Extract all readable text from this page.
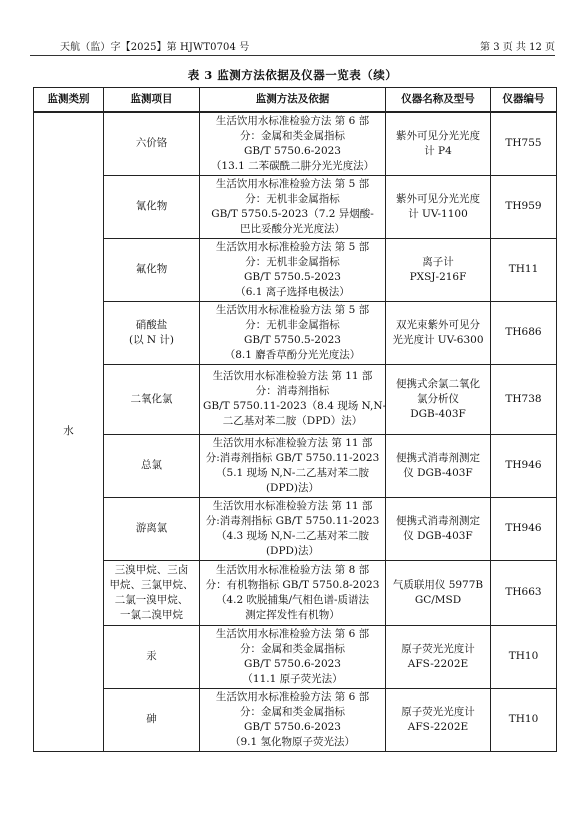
天航（监）字【2025】第 HJWT0704 号	第 3 页 共 12 页
表 3 监测方法依据及仪器一览表（续）
监测类别	监测项目	监测方法及依据	仪器名称及型号	仪器编号
水	六价铬	生活饮用水标准检验方法 第 6 部
分：金属和类金属指标
GB/T 5750.6-2023
（13.1 二苯碳酰二肼分光光度法）	紫外可见分光光度
计 P4	TH755

	氰化物	生活饮用水标准检验方法 第 5 部
分：无机非金属指标
GB/T 5750.5-2023（7.2 异烟酸-
巴比妥酸分光光度法）	紫外可见分光光度
计 UV-1100	TH959

	氟化物	生活饮用水标准检验方法 第 5 部
分：无机非金属指标
GB/T 5750.5-2023
（6.1 离子选择电极法）	离子计
PXSJ-216F	TH11

	硝酸盐
(以 N 计)	生活饮用水标准检验方法 第 5 部
分：无机非金属指标
GB/T 5750.5-2023
（8.1 麝香草酚分光光度法）	双光束紫外可见分
光光度计 UV-6300	TH686

	二氧化氯	生活饮用水标准检验方法 第 11 部
分：消毒剂指标
GB/T 5750.11-2023（8.4 现场 N,N-
二乙基对苯二胺（DPD）法）	便携式余氯二氧化
氯分析仪
DGB-403F	TH738

	总氯	生活饮用水标准检验方法 第 11 部
分:消毒剂指标 GB/T 5750.11-2023
（5.1 现场 N,N-二乙基对苯二胺
(DPD)法）	便携式消毒剂测定
仪 DGB-403F	TH946

	游离氯	生活饮用水标准检验方法 第 11 部
分:消毒剂指标 GB/T 5750.11-2023
（4.3 现场 N,N-二乙基对苯二胺
(DPD)法）	便携式消毒剂测定
仪 DGB-403F	TH946

	三溴甲烷、三卤
甲烷、三氯甲烷、
二氯一溴甲烷、
一氯二溴甲烷	生活饮用水标准检验方法 第 8 部
分：有机物指标 GB/T 5750.8-2023
（4.2 吹脱捕集/气相色谱-质谱法
测定挥发性有机物）	气质联用仪 5977B
GC/MSD	TH663

	汞	生活饮用水标准检验方法 第 6 部
分：金属和类金属指标
GB/T 5750.6-2023
（11.1 原子荧光法）	原子荧光光度计
AFS-2202E	TH10

	砷	生活饮用水标准检验方法 第 6 部
分：金属和类金属指标
GB/T 5750.6-2023
（9.1 氢化物原子荧光法）	原子荧光光度计
AFS-2202E	TH10
